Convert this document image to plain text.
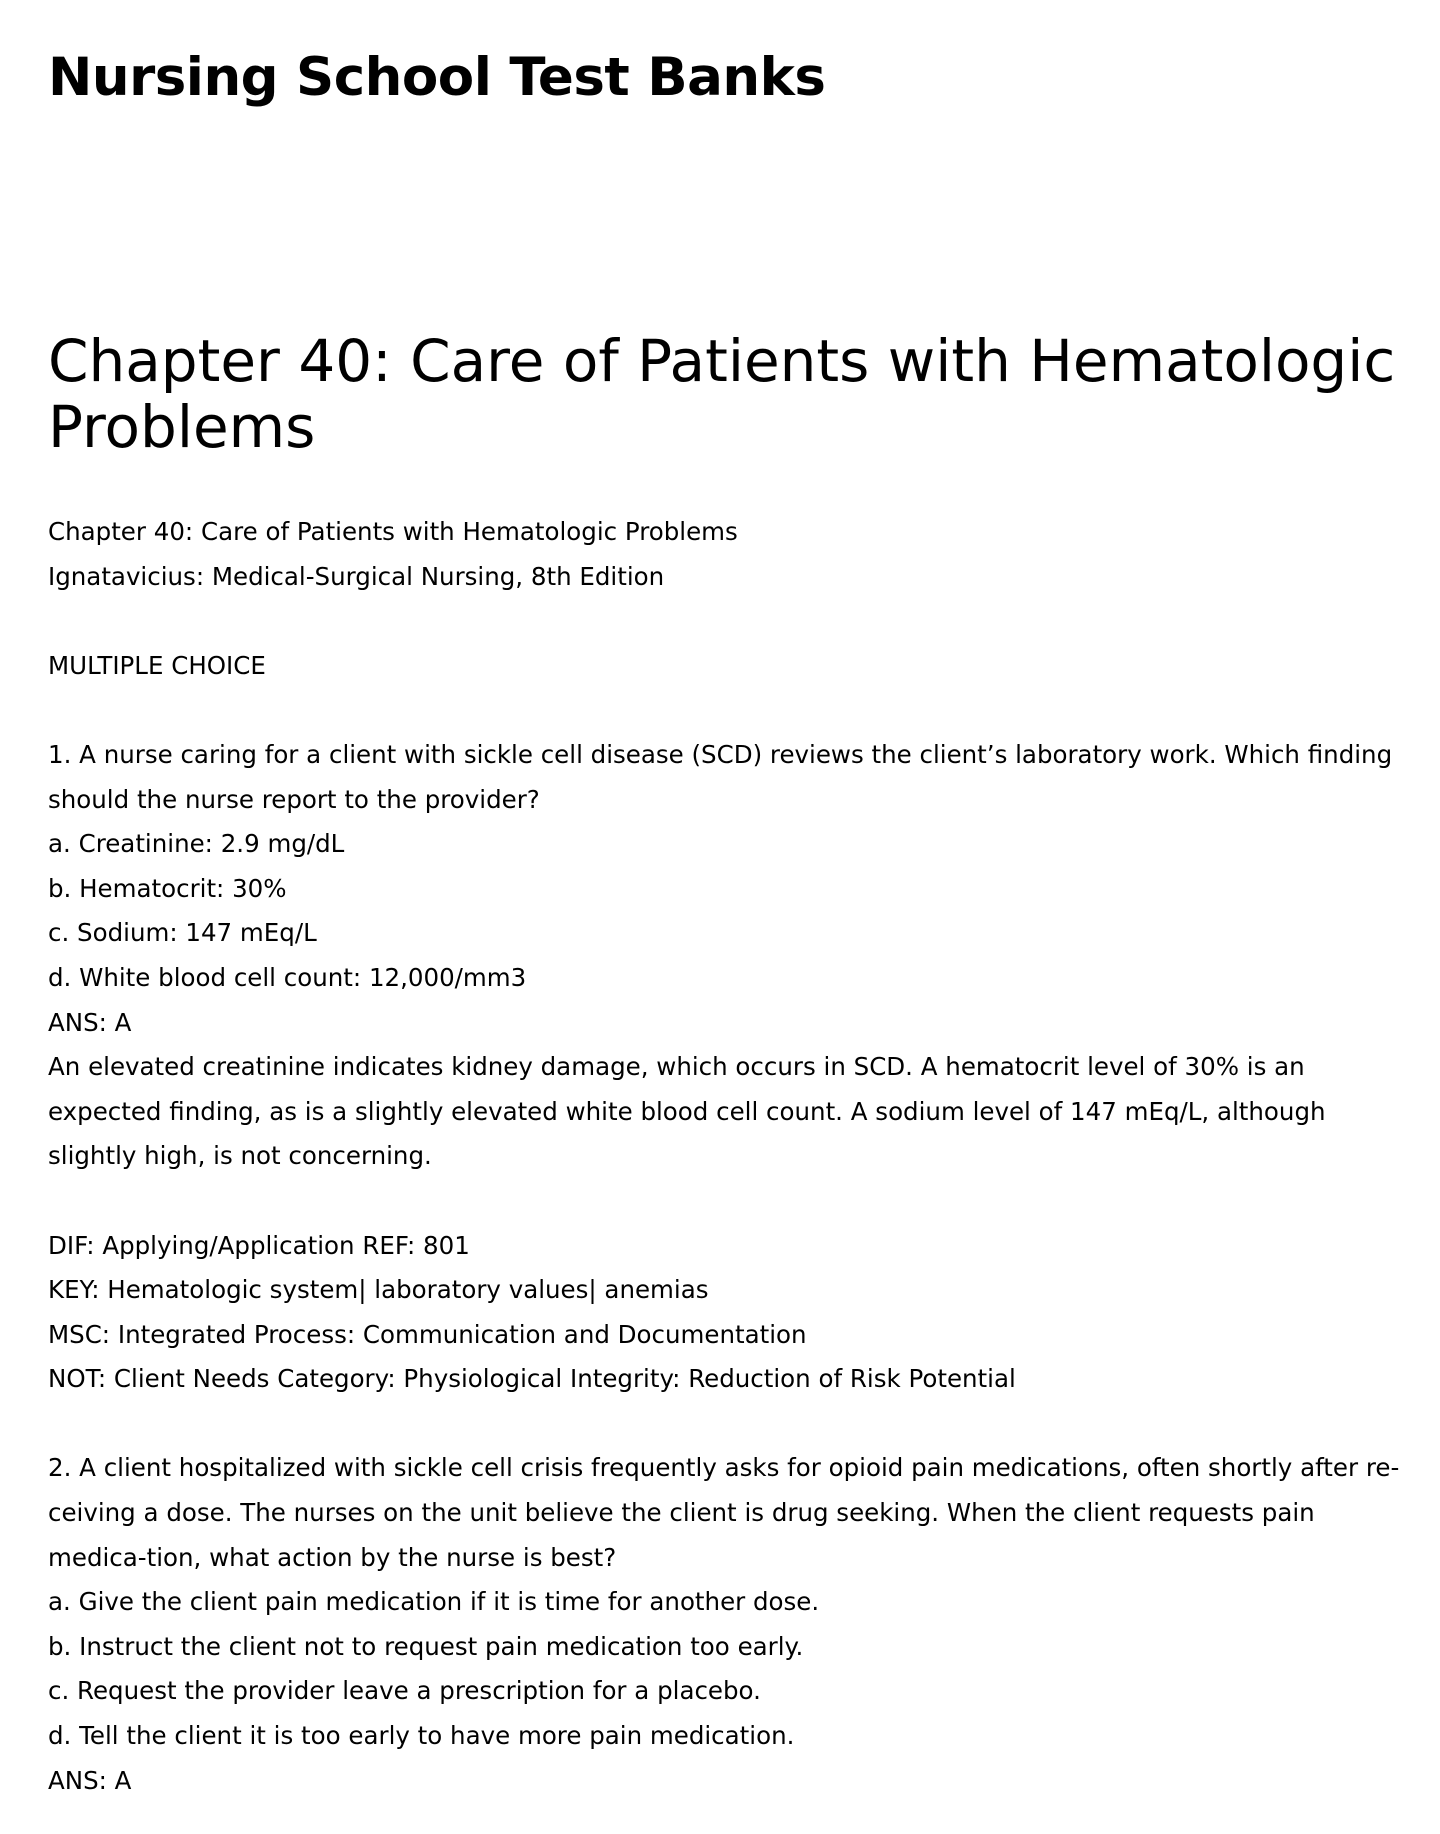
Nursing School Test Banks
Chapter 40: Care of Patients with Hematologic Problems
Chapter 40: Care of Patients with Hematologic Problems
Ignatavicius: Medical-Surgical Nursing, 8th Edition
MULTIPLE CHOICE
1. A nurse caring for a client with sickle cell disease (SCD) reviews the client’s laboratory work. Which ﬁnding should the nurse report to the provider?
a. Creatinine: 2.9 mg/dL
b. Hematocrit: 30%
c. Sodium: 147 mEq/L
d. White blood cell count: 12,000/mm3
ANS: A
An elevated creatinine indicates kidney damage, which occurs in SCD. A hematocrit level of 30% is an expected ﬁnding, as is a slightly elevated white blood cell count. A sodium level of 147 mEq/L, although slightly high, is not concerning.
DIF: Applying/Application REF: 801
KEY: Hematologic system| laboratory values| anemias
MSC: Integrated Process: Communication and Documentation
NOT: Client Needs Category: Physiological Integrity: Reduction of Risk Potential
2. A client hospitalized with sickle cell crisis frequently asks for opioid pain medications, often shortly after re-ceiving a dose. The nurses on the unit believe the client is drug seeking. When the client requests pain medica-tion, what action by the nurse is best?
a. Give the client pain medication if it is time for another dose.
b. Instruct the client not to request pain medication too early.
c. Request the provider leave a prescription for a placebo.
d. Tell the client it is too early to have more pain medication.
ANS: A
